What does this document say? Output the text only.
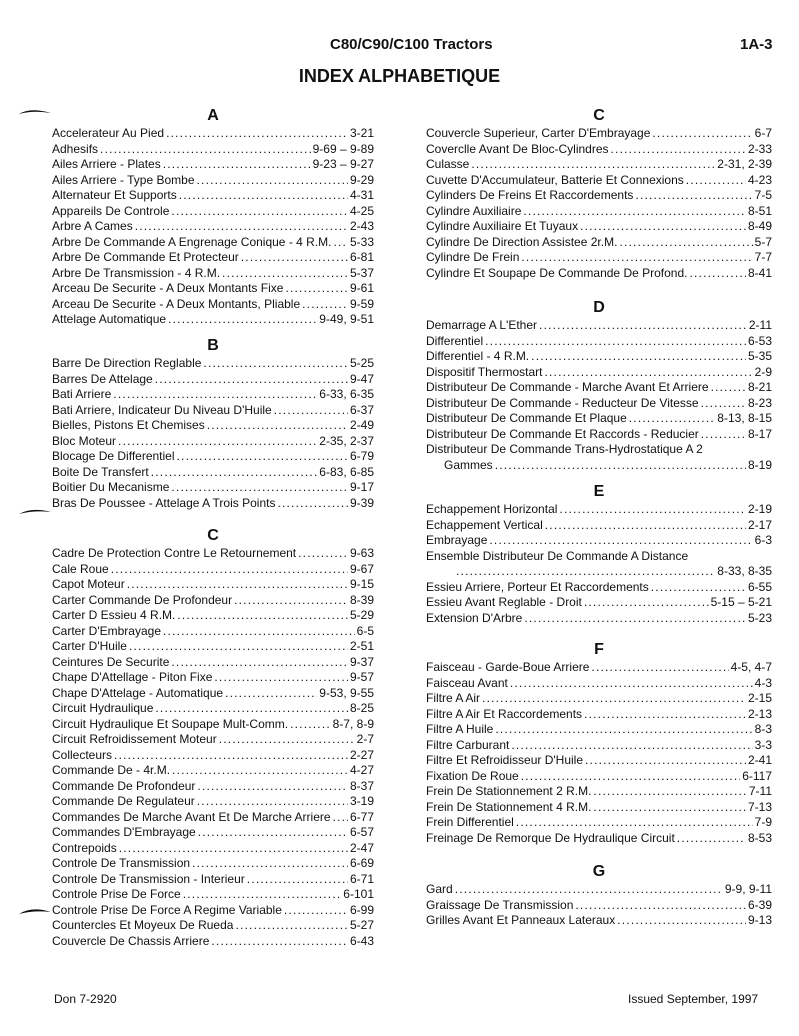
C80/C90/C100 Tractors	1A-3
INDEX ALPHABETIQUE
A
Accelerateur Au Pied .....	3-21
Adhesifs .....	9-69 – 9-89
Ailes Arriere - Plates .....	9-23 – 9-27
Ailes Arriere - Type Bombe .....	9-29
Alternateur Et Supports .....	4-31
Appareils De Controle .....	4-25
Arbre A Cames .....	2-43
Arbre De Commande A Engrenage Conique - 4 R.M. ..... 5-33
Arbre De Commande Et Protecteur .....	6-81
Arbre De Transmission - 4 R.M. .....	5-37
Arceau De Securite - A Deux Montants Fixe .....	9-61
Arceau De Securite - A Deux Montants, Pliable .....	9-59
Attelage Automatique .....	9-49, 9-51
B
Barre De Direction Reglable .....	5-25
Barres De Attelage .....	9-47
Bati Arriere .....	6-33, 6-35
Bati Arriere, Indicateur Du Niveau D'Huile .....	6-37
Bielles, Pistons Et Chemises .....	2-49
Bloc Moteur .....	2-35, 2-37
Blocage De Differentiel .....	6-79
Boite De Transfert .....	6-83, 6-85
Boitier Du Mecanisme .....	9-17
Bras De Poussee - Attelage A Trois Points .....	9-39
C
Cadre De Protection Contre Le Retournement .....	9-63
Cale Roue .....	9-67
Capot Moteur .....	9-15
Carter Commande De Profondeur .....	8-39
Carter D Essieu 4 R.M. .....	5-29
Carter D'Embrayage .....	6-5
Carter D'Huile .....	2-51
Ceintures De Securite .....	9-37
Chape D'Attellage - Piton Fixe .....	9-57
Chape D'Attelage - Automatique .....	9-53, 9-55
Circuit Hydraulique .....	8-25
Circuit Hydraulique Et Soupape Mult-Comm. .....	8-7, 8-9
Circuit Refroidissement Moteur .....	2-7
Collecteurs .....	2-27
Commande De - 4r.M. .....	4-27
Commande De Profondeur .....	8-37
Commande De Regulateur .....	3-19
Commandes De Marche Avant Et De Marche Arriere ..... 6-77
Commandes D'Embrayage .....	6-57
Contrepoids .....	2-47
Controle De Transmission .....	6-69
Controle De Transmission - Interieur .....	6-71
Controle Prise De Force .....	6-101
Controle Prise De Force A Regime Variable .....	6-99
Countercles Et Moyeux De Rueda .....	5-27
Couvercle De Chassis Arriere .....	6-43
C
Couvercle Superieur, Carter D'Embrayage .....	6-7
Coverclle Avant De Bloc-Cylindres .....	2-33
Culasse .....	2-31, 2-39
Cuvette D'Accumulateur, Batterie Et Connexions .....	4-23
Cylinders De Freins Et Raccordements .....	7-5
Cylindre Auxiliaire .....	8-51
Cylindre Auxiliaire Et Tuyaux .....	8-49
Cylindre De Direction Assistee 2r.M. .....	5-7
Cylindre De Frein .....	7-7
Cylindre Et Soupape De Commande De Profond. .....	8-41
D
Demarrage A L'Ether .....	2-11
Differentiel .....	6-53
Differentiel - 4 R.M. .....	5-35
Dispositif Thermostart .....	2-9
Distributeur De Commande - Marche Avant Et Arriere .....	8-21
Distributeur De Commande - Reducteur De Vitesse .....	8-23
Distributeur De Commande Et Plaque .....	8-13, 8-15
Distributeur De Commande Et Raccords - Reducier .....	8-17
Distributeur De Commande Trans-Hydrostatique A 2
Gammes .....	8-19
E
Echappement Horizontal .....	2-19
Echappement Vertical .....	2-17
Embrayage .....	6-3
Ensemble Distributeur De Commande A Distance
.....
8-33, 8-35
Essieu Arriere, Porteur Et Raccordements .....	6-55
Essieu Avant Reglable - Droit .....	5-15 – 5-21
Extension D'Arbre .....	5-23
F
Faisceau - Garde-Boue Arriere .....	4-5, 4-7
Faisceau Avant .....	4-3
Filtre A Air .....	2-15
Filtre A Air Et Raccordements .....	2-13
Filtre A Huile .....	8-3
Filtre Carburant .....	3-3
Filtre Et Refroidisseur D'Huile .....	2-41
Fixation De Roue .....	6-117
Frein De Stationnement 2 R.M. .....	7-11
Frein De Stationnement 4 R.M. .....	7-13
Frein Differentiel .....	7-9
Freinage De Remorque De Hydraulique Circuit .....	8-53
G
Gard .....	9-9, 9-11
Graissage De Transmission .....	6-39
Grilles Avant Et Panneaux Lateraux .....	9-13
Don 7-2920	Issued September, 1997
